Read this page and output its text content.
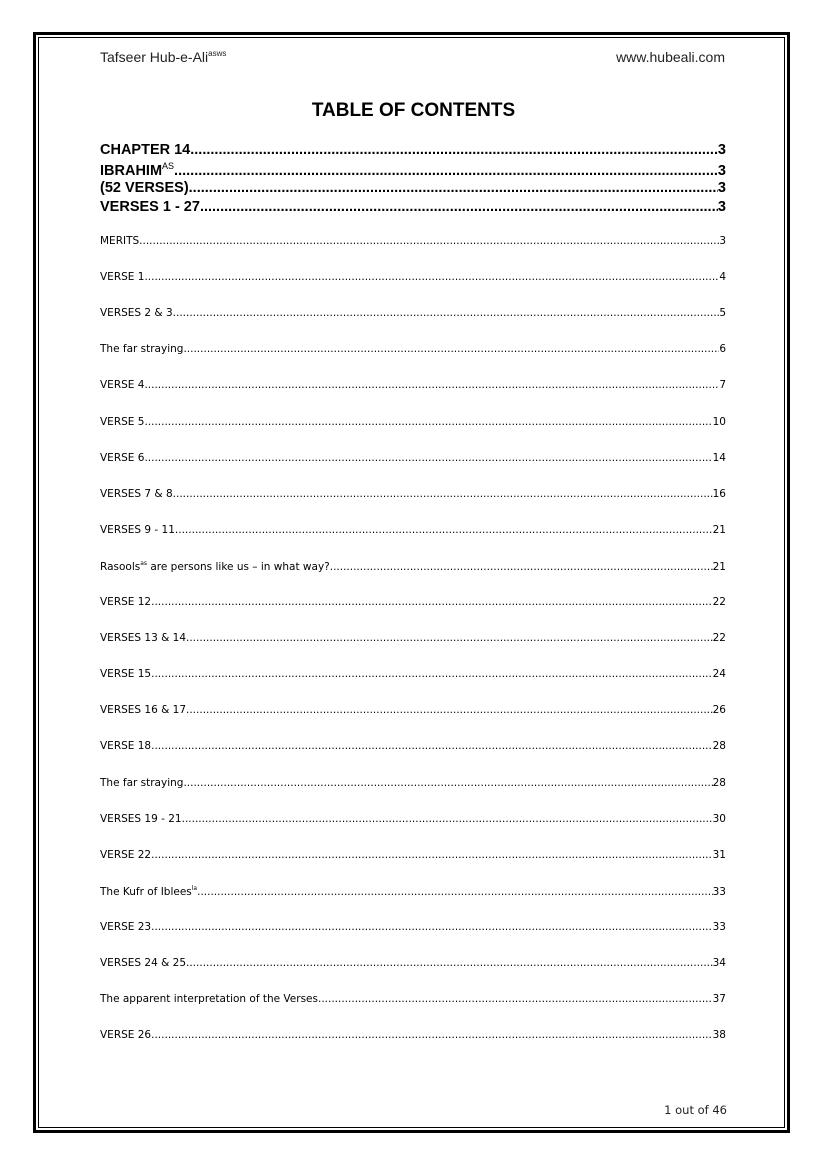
Tafseer Hub-e-Ali$^{asws}$	www.hubeali.com
TABLE OF CONTENTS
CHAPTER 14 .....	3
$IBRAHIM^{AS}$ .....	3
(52 VERSES) .....	3
VERSES 1 - 27 .....	3
MERITS .....	3
VERSE 1 .....	4
VERSES 2 & 3 .....	5
The far straying .....	6
VERSE 4 .....	7
VERSE 5 .....	10
VERSE 6 .....	14
VERSES 7 & 8 .....	16
VERSES 9 - 11 .....	21
Rasools$^{as}$ are persons like us – in what way? .....	21
VERSE 12 .....	22
VERSES 13 & 14 .....	22
VERSE 15 .....	24
VERSES 16 & 17 .....	26
VERSE 18 .....	28
The far straying .....	28
VERSES 19 - 21 .....	30
VERSE 22 .....	31
The Kufr of Iblees$^{la}$ .....	33
VERSE 23 .....	33
VERSES 24 & 25 .....	34
The apparent interpretation of the Verses .....	37
VERSE 26 .....	38
1 out of 46
